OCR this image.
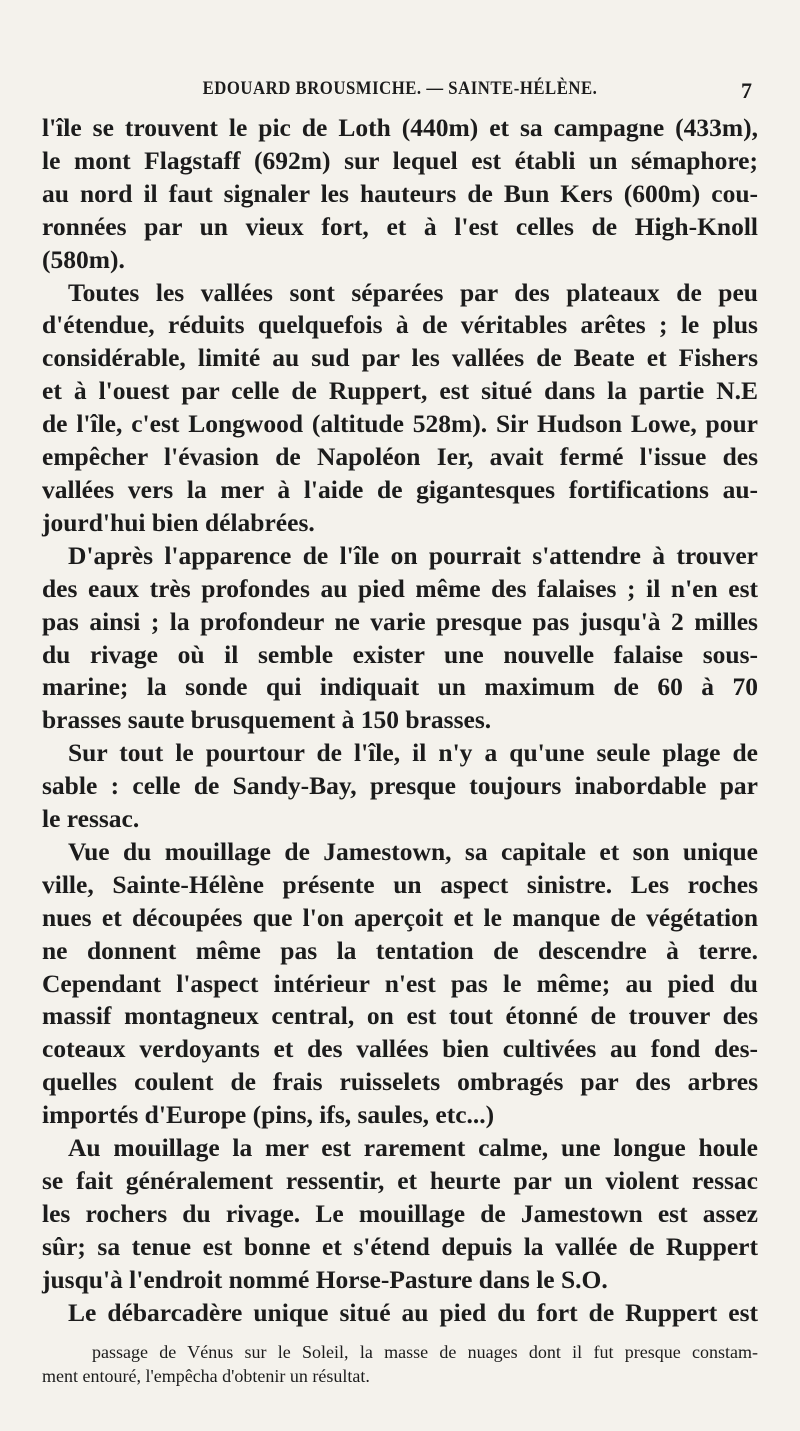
EDOUARD BROUSMICHE. — SAINTE-HÉLÈNE.	7
l'île se trouvent le pic de Loth (440m) et sa campagne (433m),
le mont Flagstaff (692m) sur lequel est établi un sémaphore;
au nord il faut signaler les hauteurs de Bun Kers (600m) cou-
ronnées par un vieux fort, et à l'est celles de High-Knoll
(580m).
Toutes les vallées sont séparées par des plateaux de peu
d'étendue, réduits quelquefois à de véritables arêtes ; le plus
considérable, limité au sud par les vallées de Beate et Fishers
et à l'ouest par celle de Ruppert, est situé dans la partie N.E
de l'île, c'est Longwood (altitude 528m). Sir Hudson Lowe, pour
empêcher l'évasion de Napoléon Ier, avait fermé l'issue des
vallées vers la mer à l'aide de gigantesques fortifications au-
jourd'hui bien délabrées.
D'après l'apparence de l'île on pourrait s'attendre à trouver
des eaux très profondes au pied même des falaises ; il n'en est
pas ainsi ; la profondeur ne varie presque pas jusqu'à 2 milles
du rivage où il semble exister une nouvelle falaise sous-
marine; la sonde qui indiquait un maximum de 60 à 70
brasses saute brusquement à 150 brasses.
Sur tout le pourtour de l'île, il n'y a qu'une seule plage de
sable : celle de Sandy-Bay, presque toujours inabordable par
le ressac.
Vue du mouillage de Jamestown, sa capitale et son unique
ville, Sainte-Hélène présente un aspect sinistre. Les roches
nues et découpées que l'on aperçoit et le manque de végétation
ne donnent même pas la tentation de descendre à terre.
Cependant l'aspect intérieur n'est pas le même; au pied du
massif montagneux central, on est tout étonné de trouver des
coteaux verdoyants et des vallées bien cultivées au fond des-
quelles coulent de frais ruisselets ombragés par des arbres
importés d'Europe (pins, ifs, saules, etc...)
Au mouillage la mer est rarement calme, une longue houle
se fait généralement ressentir, et heurte par un violent ressac
les rochers du rivage. Le mouillage de Jamestown est assez
sûr; sa tenue est bonne et s'étend depuis la vallée de Ruppert
jusqu'à l'endroit nommé Horse-Pasture dans le S.O.
Le débarcadère unique situé au pied du fort de Ruppert est
passage de Vénus sur le Soleil, la masse de nuages dont il fut presque constam-
ment entouré, l'empêcha d'obtenir un résultat.
